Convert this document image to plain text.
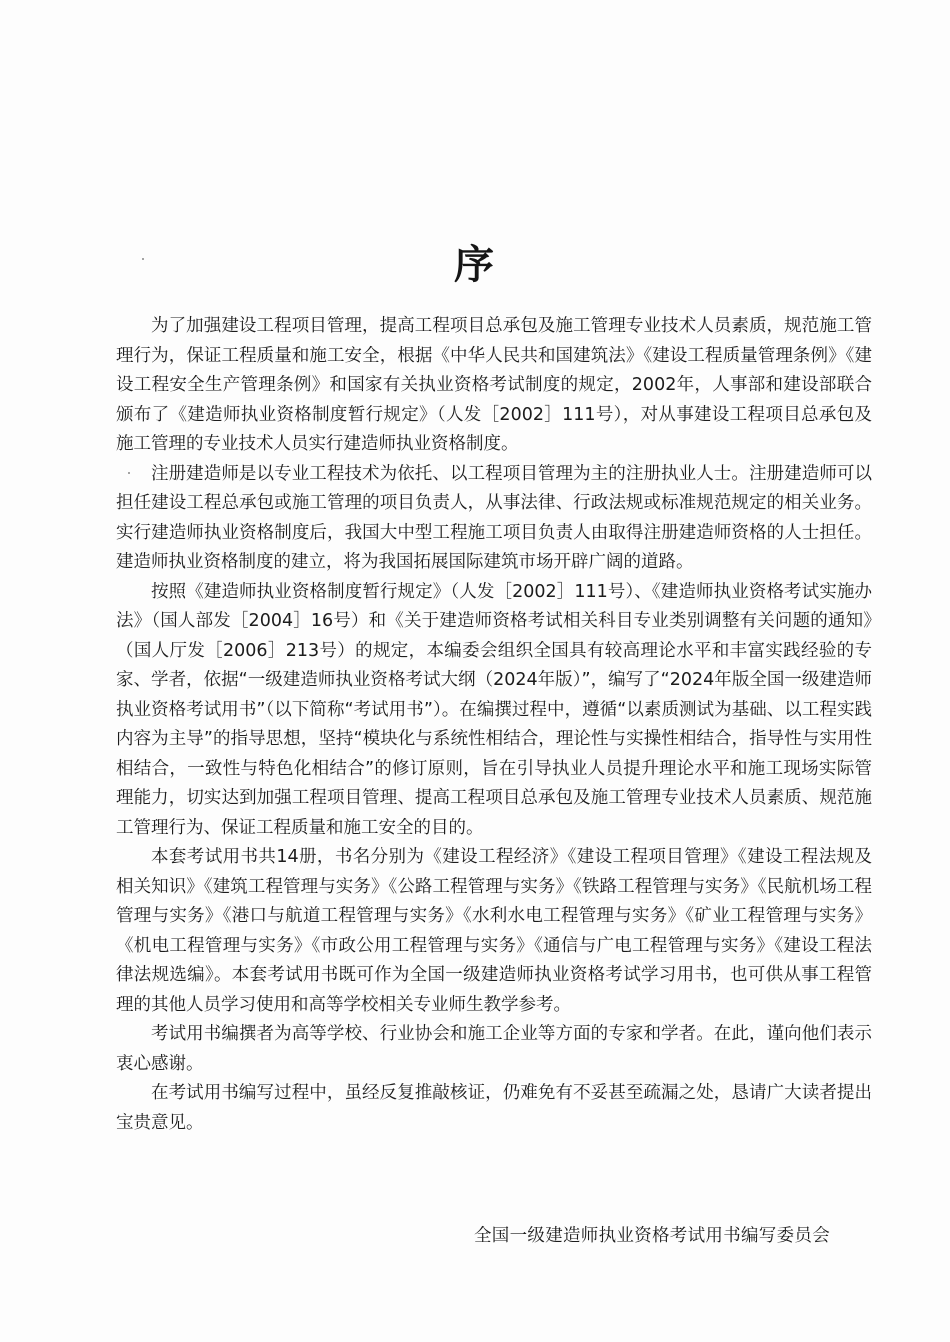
序

为了加强建设工程项目管理，提高工程项目总承包及施工管理专业技术人员素质，规范施工管理行为，保证工程质量和施工安全，根据《中华人民共和国建筑法》《建设工程质量管理条例》《建设工程安全生产管理条例》和国家有关执业资格考试制度的规定，2002年，人事部和建设部联合颁布了《建造师执业资格制度暂行规定》（人发［2002］111号），对从事建设工程项目总承包及施工管理的专业技术人员实行建造师执业资格制度。

注册建造师是以专业工程技术为依托、以工程项目管理为主的注册执业人士。注册建造师可以担任建设工程总承包或施工管理的项目负责人，从事法律、行政法规或标准规范规定的相关业务。实行建造师执业资格制度后，我国大中型工程施工项目负责人由取得注册建造师资格的人士担任。建造师执业资格制度的建立，将为我国拓展国际建筑市场开辟广阔的道路。

按照《建造师执业资格制度暂行规定》（人发［2002］111号）、《建造师执业资格考试实施办法》（国人部发［2004］16号）和《关于建造师资格考试相关科目专业类别调整有关问题的通知》（国人厅发［2006］213号）的规定，本编委会组织全国具有较高理论水平和丰富实践经验的专家、学者，依据“一级建造师执业资格考试大纲（2024年版）”，编写了“2024年版全国一级建造师执业资格考试用书”（以下简称“考试用书”）。在编撰过程中，遵循“以素质测试为基础、以工程实践内容为主导”的指导思想，坚持“模块化与系统性相结合，理论性与实操性相结合，指导性与实用性相结合，一致性与特色化相结合”的修订原则，旨在引导执业人员提升理论水平和施工现场实际管理能力，切实达到加强工程项目管理、提高工程项目总承包及施工管理专业技术人员素质、规范施工管理行为、保证工程质量和施工安全的目的。

本套考试用书共14册，书名分别为《建设工程经济》《建设工程项目管理》《建设工程法规及相关知识》《建筑工程管理与实务》《公路工程管理与实务》《铁路工程管理与实务》《民航机场工程管理与实务》《港口与航道工程管理与实务》《水利水电工程管理与实务》《矿业工程管理与实务》《机电工程管理与实务》《市政公用工程管理与实务》《通信与广电工程管理与实务》《建设工程法律法规选编》。本套考试用书既可作为全国一级建造师执业资格考试学习用书，也可供从事工程管理的其他人员学习使用和高等学校相关专业师生教学参考。

考试用书编撰者为高等学校、行业协会和施工企业等方面的专家和学者。在此，谨向他们表示衷心感谢。

在考试用书编写过程中，虽经反复推敲核证，仍难免有不妥甚至疏漏之处，恳请广大读者提出宝贵意见。

全国一级建造师执业资格考试用书编写委员会
